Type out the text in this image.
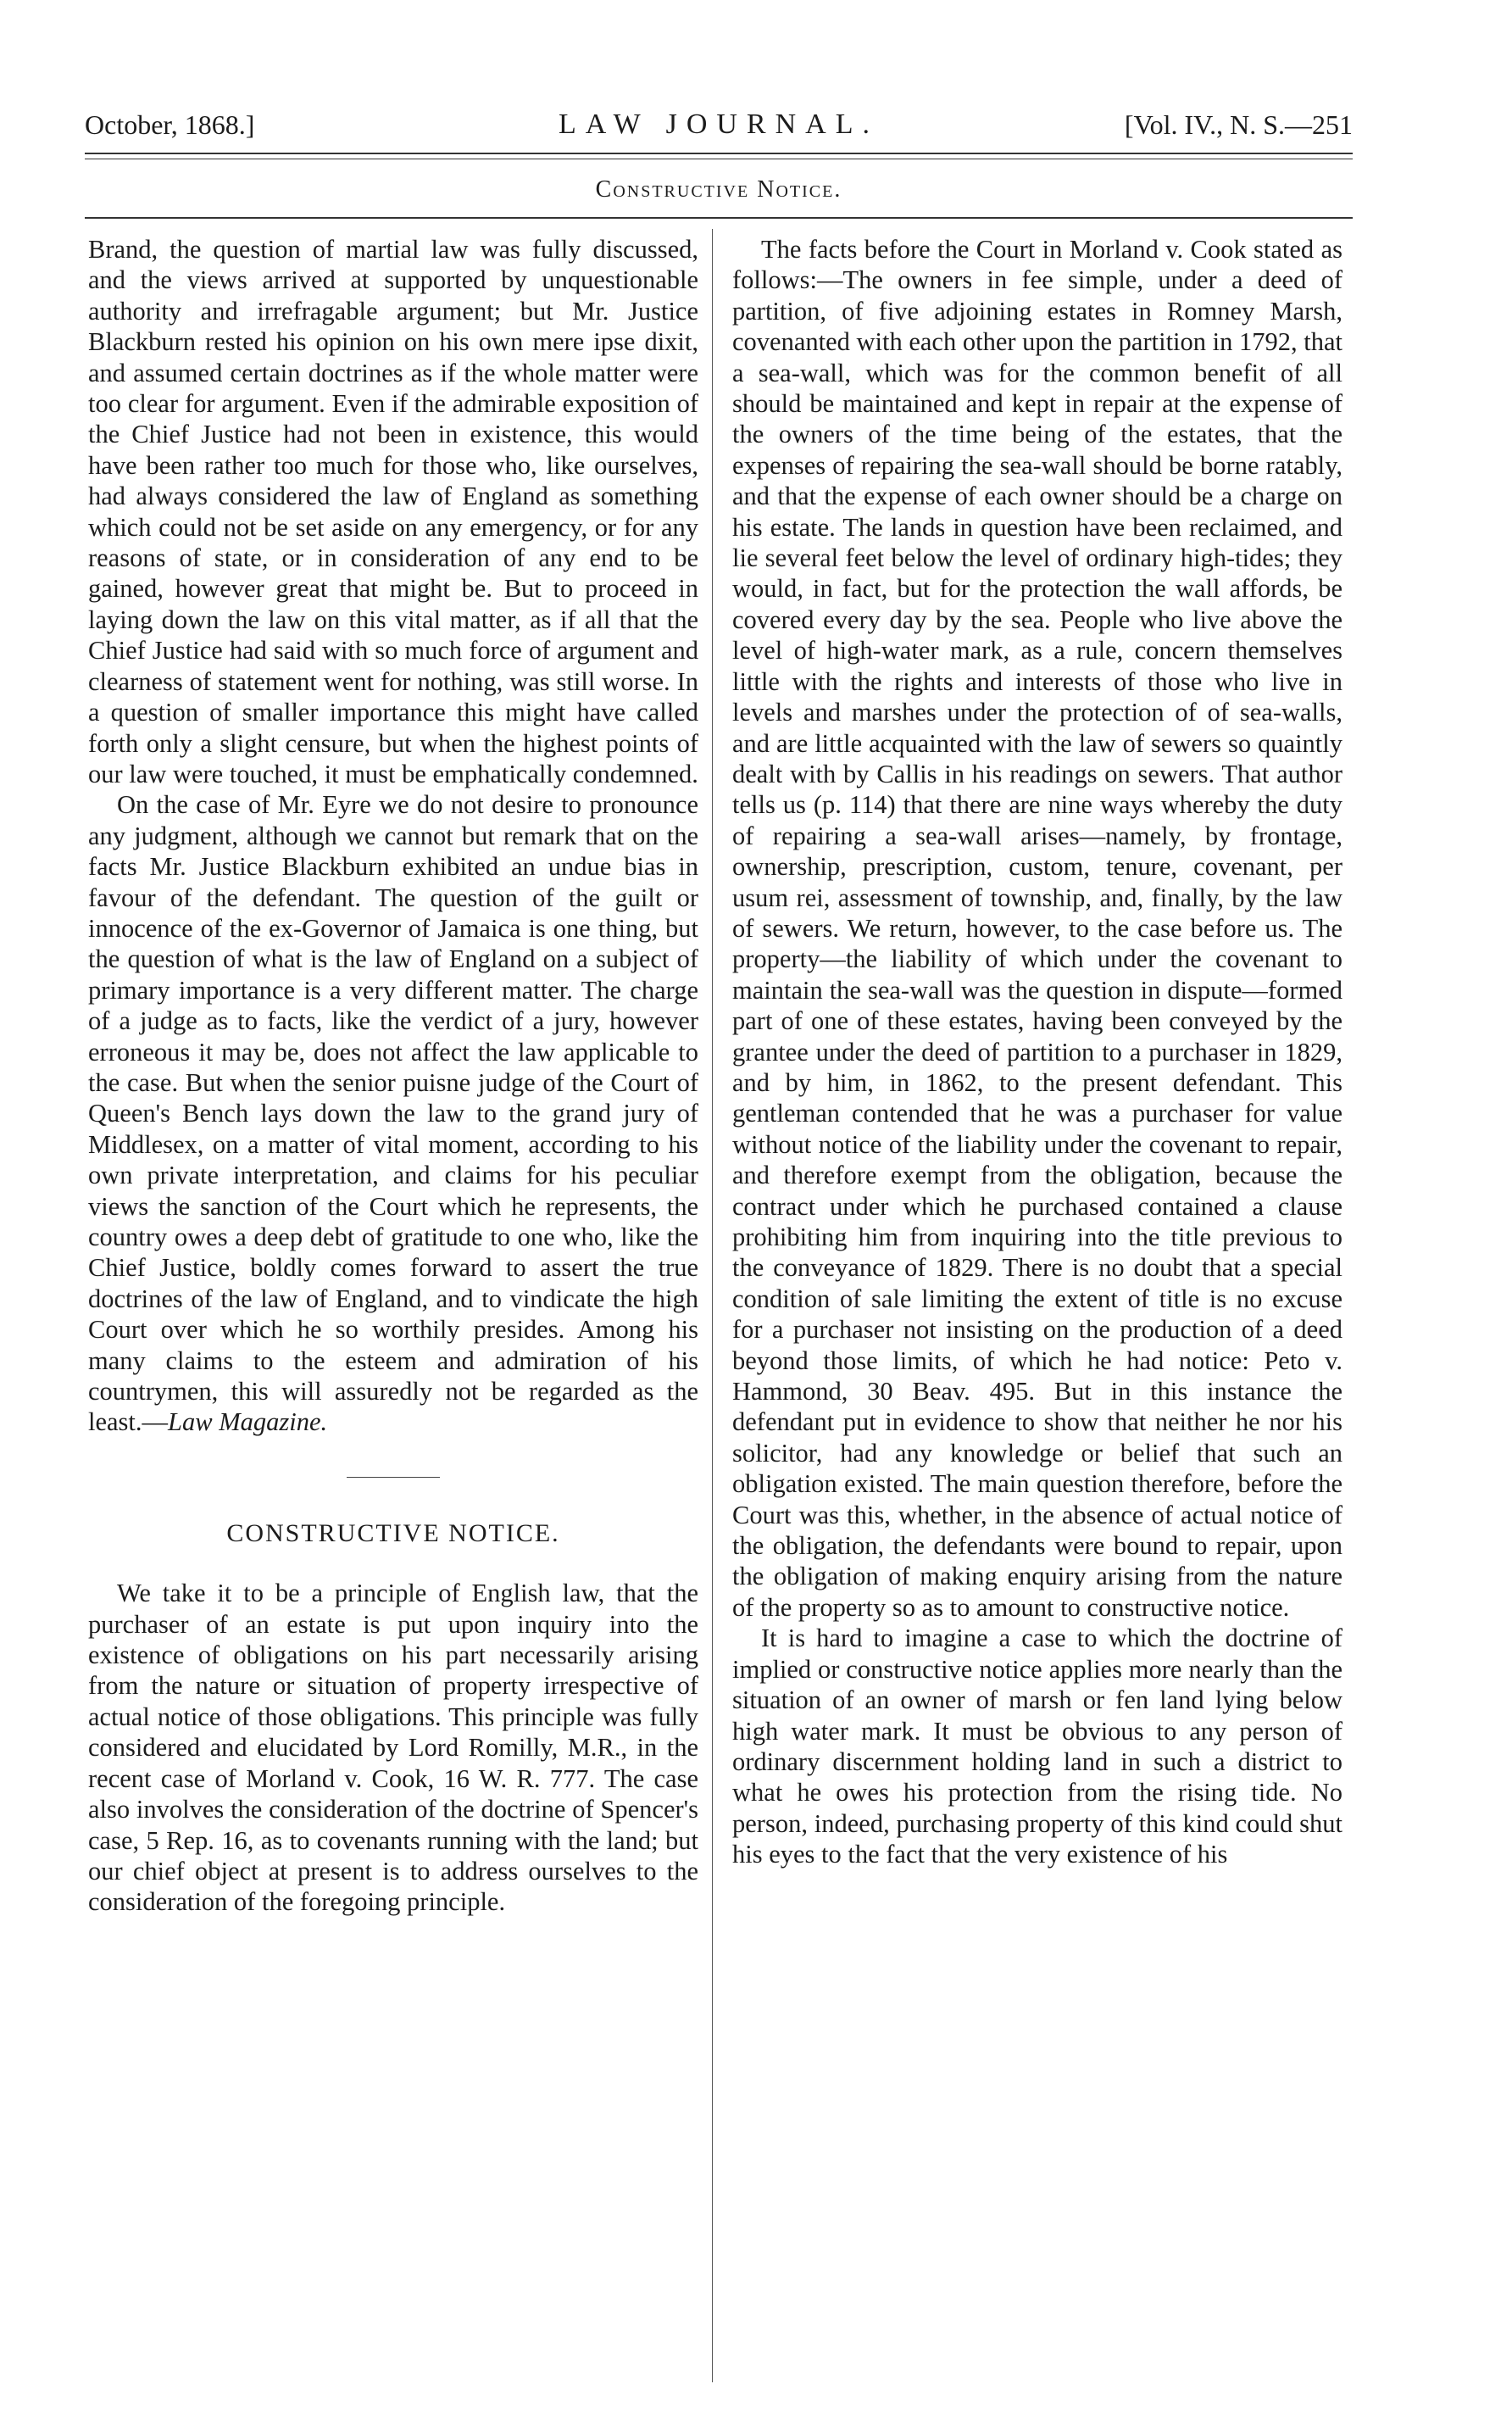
October, 1868.]	LAW JOURNAL.	[Vol. IV., N. S.—251
Constructive Notice.

Brand, the question of martial law was fully discussed, and the views arrived at supported by unquestionable authority and irrefragable argument; but Mr. Justice Blackburn rested his opinion on his own mere ipse dixit, and assumed certain doctrines as if the whole matter were too clear for argument. Even if the admirable exposition of the Chief Justice had not been in existence, this would have been rather too much for those who, like ourselves, had always considered the law of England as something which could not be set aside on any emergency, or for any reasons of state, or in consideration of any end to be gained, however great that might be. But to proceed in laying down the law on this vital matter, as if all that the Chief Justice had said with so much force of argument and clearness of statement went for nothing, was still worse. In a question of smaller importance this might have called forth only a slight censure, but when the highest points of our law were touched, it must be emphatically condemned.

On the case of Mr. Eyre we do not desire to pronounce any judgment, although we cannot but remark that on the facts Mr. Justice Blackburn exhibited an undue bias in favour of the defendant. The question of the guilt or innocence of the ex-Governor of Jamaica is one thing, but the question of what is the law of England on a subject of primary importance is a very different matter. The charge of a judge as to facts, like the verdict of a jury, however erroneous it may be, does not affect the law applicable to the case. But when the senior puisne judge of the Court of Queen's Bench lays down the law to the grand jury of Middlesex, on a matter of vital moment, according to his own private interpretation, and claims for his peculiar views the sanction of the Court which he represents, the country owes a deep debt of gratitude to one who, like the Chief Justice, boldly comes forward to assert the true doctrines of the law of England, and to vindicate the high Court over which he so worthily presides. Among his many claims to the esteem and admiration of his countrymen, this will assuredly not be regarded as the least.—Law Magazine.

CONSTRUCTIVE NOTICE.

We take it to be a principle of English law, that the purchaser of an estate is put upon inquiry into the existence of obligations on his part necessarily arising from the nature or situation of property irrespective of actual notice of those obligations. This principle was fully considered and elucidated by Lord Romilly, M.R., in the recent case of Morland v. Cook, 16 W. R. 777. The case also involves the consideration of the doctrine of Spencer's case, 5 Rep. 16, as to covenants running with the land; but our chief object at present is to address ourselves to the consideration of the foregoing principle.

The facts before the Court in Morland v. Cook stated as follows:—The owners in fee simple, under a deed of partition, of five adjoining estates in Romney Marsh, covenanted with each other upon the partition in 1792, that a sea-wall, which was for the common benefit of all should be maintained and kept in repair at the expense of the owners of the time being of the estates, that the expenses of repairing the sea-wall should be borne ratably, and that the expense of each owner should be a charge on his estate. The lands in question have been reclaimed, and lie several feet below the level of ordinary high-tides; they would, in fact, but for the protection the wall affords, be covered every day by the sea. People who live above the level of high-water mark, as a rule, concern themselves little with the rights and interests of those who live in levels and marshes under the protection of of sea-walls, and are little acquainted with the law of sewers so quaintly dealt with by Callis in his readings on sewers. That author tells us (p. 114) that there are nine ways whereby the duty of repairing a sea-wall arises—namely, by frontage, ownership, prescription, custom, tenure, covenant, per usum rei, assessment of township, and, finally, by the law of sewers. We return, however, to the case before us. The property—the liability of which under the covenant to maintain the sea-wall was the question in dispute—formed part of one of these estates, having been conveyed by the grantee under the deed of partition to a purchaser in 1829, and by him, in 1862, to the present defendant. This gentleman contended that he was a purchaser for value without notice of the liability under the covenant to repair, and therefore exempt from the obligation, because the contract under which he purchased contained a clause prohibiting him from inquiring into the title previous to the conveyance of 1829. There is no doubt that a special condition of sale limiting the extent of title is no excuse for a purchaser not insisting on the production of a deed beyond those limits, of which he had notice: Peto v. Hammond, 30 Beav. 495. But in this instance the defendant put in evidence to show that neither he nor his solicitor, had any knowledge or belief that such an obligation existed. The main question therefore, before the Court was this, whether, in the absence of actual notice of the obligation, the defendants were bound to repair, upon the obligation of making enquiry arising from the nature of the property so as to amount to constructive notice.

It is hard to imagine a case to which the doctrine of implied or constructive notice applies more nearly than the situation of an owner of marsh or fen land lying below high water mark. It must be obvious to any person of ordinary discernment holding land in such a district to what he owes his protection from the rising tide. No person, indeed, purchasing property of this kind could shut his eyes to the fact that the very existence of his
